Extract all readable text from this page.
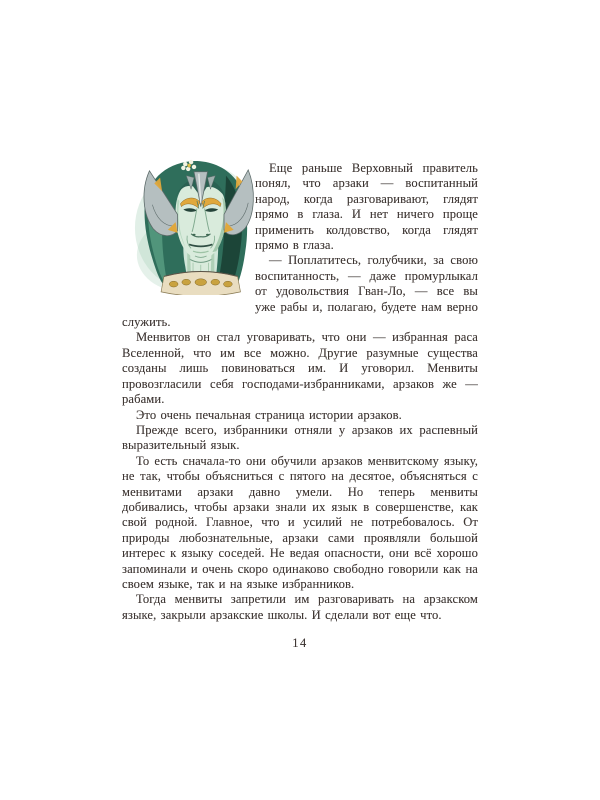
Еще раньше Верховный правитель понял, что арзаки — воспитанный народ, когда разговаривают, глядят прямо в глаза. И нет ничего проще применить колдовство, когда глядят прямо в глаза.

— Поплатитесь, голубчики, за свою воспитанность, — даже промурлыкал от удовольствия Гван-Ло, — все вы уже рабы и, полагаю, будете нам верно служить.

Менвитов он стал уговаривать, что они — избранная раса Вселенной, что им все можно. Другие разумные существа созданы лишь повиноваться им. И уговорил. Менвиты провозгласили себя господами-избранниками, арзаков же — рабами.

Это очень печальная страница истории арзаков.

Прежде всего, избранники отняли у арзаков их распевный выразительный язык.

То есть сначала-то они обучили арзаков менвитскому языку, не так, чтобы объясниться с пятого на десятое, объясняться с менвитами арзаки давно умели. Но теперь менвиты добивались, чтобы арзаки знали их язык в совершенстве, как свой родной. Главное, что и усилий не потребовалось. От природы любознательные, арзаки сами проявляли большой интерес к языку соседей. Не ведая опасности, они всё хорошо запоминали и очень скоро одинаково свободно говорили как на своем языке, так и на языке избранников.

Тогда менвиты запретили им разговаривать на арзакском языке, закрыли арзакские школы. И сделали вот еще что.

14
